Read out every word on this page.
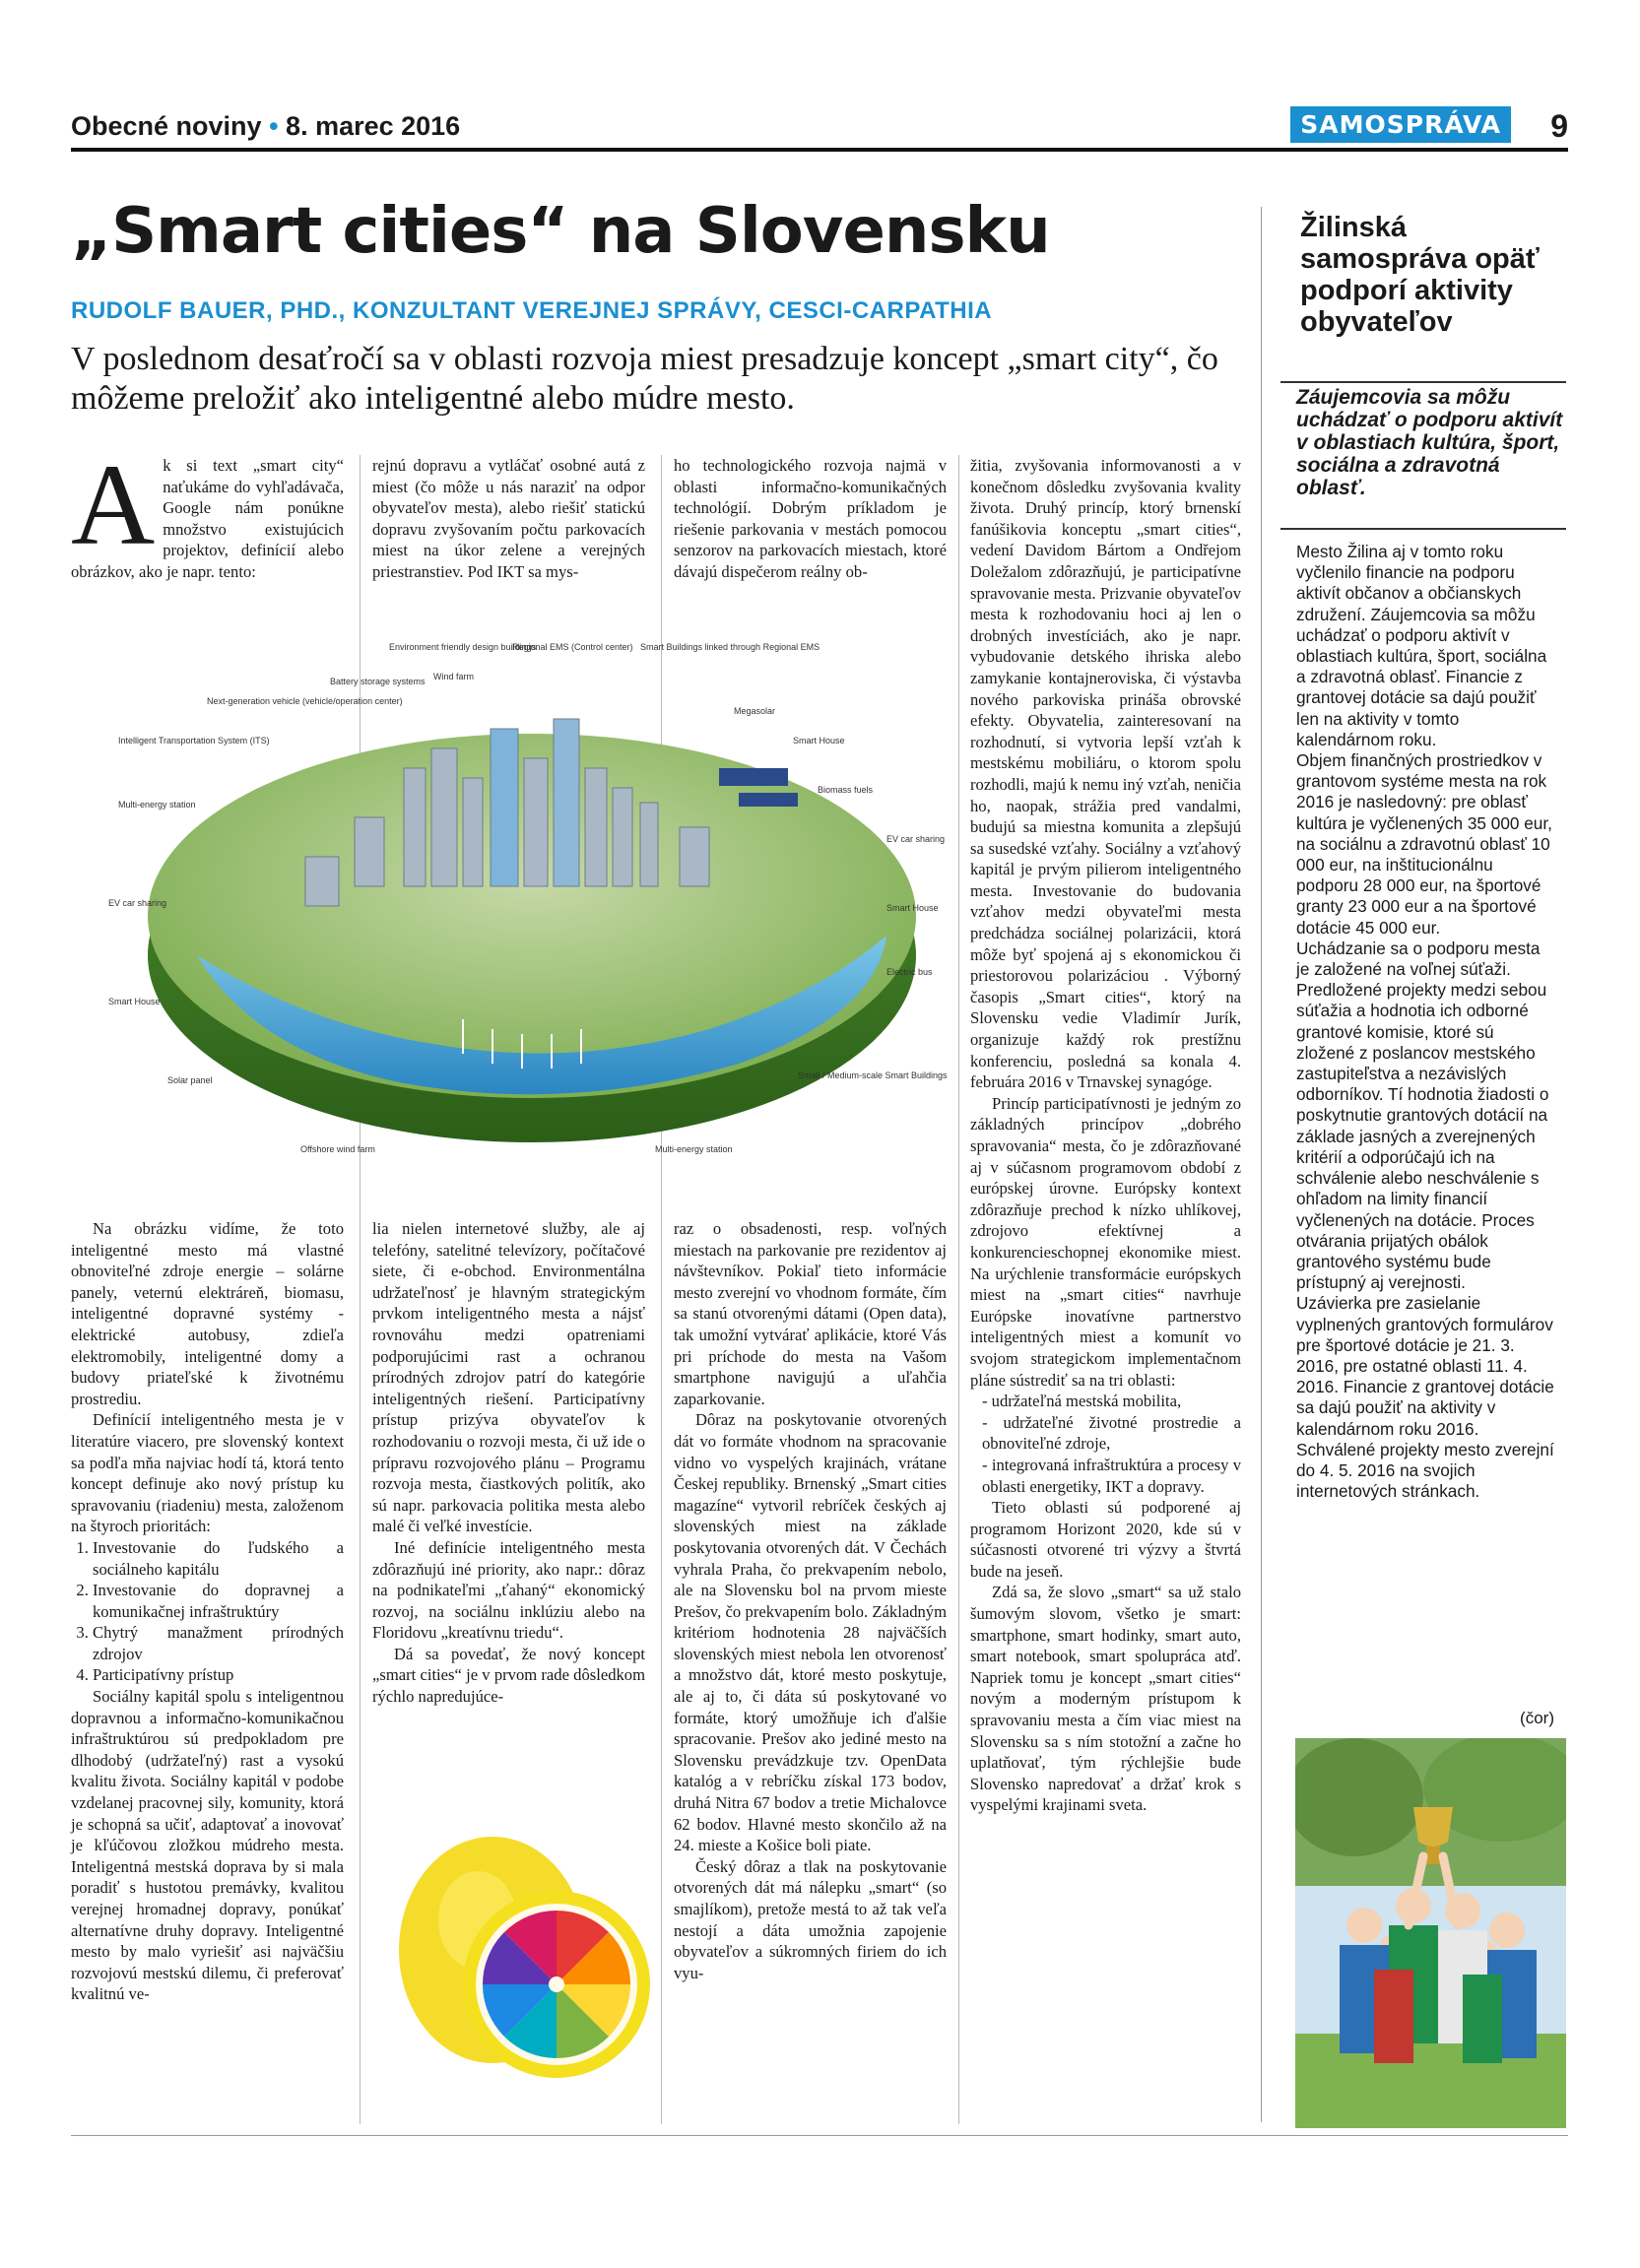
Obecné noviny • 8. marec 2016	SAMOSPRÁVA	9
„Smart cities“ na Slovensku
RUDOLF BAUER, PHD., KONZULTANT VEREJNEJ SPRÁVY, CESCI-CARPATHIA

V poslednom desaťročí sa v oblasti rozvoja miest presadzuje koncept „smart city“, čo môžeme preložiť ako inteligentné alebo múdre mesto.

A k si text „smart city“ naťukáme do vyhľadávača, Google nám ponúkne množstvo existujúcich projektov, definícií alebo obrázkov, ako je napr. tento:

rejnú dopravu a vytláčať osobné autá z miest (čo môže u nás naraziť na odpor obyvateľov mesta), alebo riešiť statickú dopravu zvyšovaním počtu parkovacích miest na úkor zelene a verejných priestranstiev. Pod IKT sa mys-

ho technologického rozvoja najmä v oblasti informačno-komunikačných technológií. Dobrým príkladom je riešenie parkovania v mestách pomocou senzorov na parkovacích miestach, ktoré dávajú dispečerom reálny ob-

Environment friendly design buildings
Regional EMS (Control center) Smart Buildings linked through Regional EMS
Battery storage systems Wind farm
Next-generation vehicle (vehicle/operation center)
Intelligent Transportation System (ITS)
Megasolar
Smart House
Multi-energy station
Biomass fuels
EV car sharing
EV car sharing	Smart House
Electric bus
Smart House
Small / Medium-scale Smart Buildings
Solar panel
Offshore wind farm	Multi-energy station

žitia, zvyšovania informovanosti a v konečnom dôsledku zvyšovania kvality života. Druhý princíp, ktorý brnenskí fanúšikovia konceptu „smart cities“, vedení Davidom Bártom a Ondřejom Doležalom zdôrazňujú, je participatívne spravovanie mesta. Prizvanie obyvateľov mesta k rozhodovaniu hoci aj len o drobných investíciách, ako je napr. vybudovanie detského ihriska alebo zamykanie kontajneroviska, či výstavba nového parkoviska prináša obrovské efekty. Obyvatelia, zainteresovaní na rozhodnutí, si vytvoria lepší vzťah k mestskému mobiliáru, o ktorom spolu rozhodli, majú k nemu iný vzťah, neničia ho, naopak, strážia pred vandalmi, budujú sa miestna komunita a zlepšujú sa susedské vzťahy. Sociálny a vzťahový kapitál je prvým pilierom inteligentného mesta. Investovanie do budovania vzťahov medzi obyvateľmi mesta predchádza sociálnej polarizácii, ktorá môže byť spojená aj s ekonomickou či priestorovou polarizáciou . Výborný časopis „Smart cities“, ktorý na Slovensku vedie Vladimír Jurík, organizuje každý rok prestížnu konferenciu, posledná sa konala 4. februára 2016 v Trnavskej synagóge.

Princíp participatívnosti je jedným zo základných princípov „dobrého spravovania“ mesta, čo je zdôrazňované aj v súčasnom programovom období z európskej úrovne. Európsky kontext zdôrazňuje prechod k nízko uhlíkovej, zdrojovo efektívnej a konkurencieschopnej ekonomike miest. Na urýchlenie transformácie európskych miest na „smart cities“ navrhuje Európske inovatívne partnerstvo inteligentných miest a komunít vo svojom strategickom implementačnom pláne sústrediť sa na tri oblasti:

- udržateľná mestská mobilita,
- udržateľné životné prostredie a obnoviteľné zdroje,
- integrovaná infraštruktúra a procesy v oblasti energetiky, IKT a dopravy.

Tieto oblasti sú podporené aj programom Horizont 2020, kde sú v súčasnosti otvorené tri výzvy a štvrtá bude na jeseň.

Zdá sa, že slovo „smart“ sa už stalo šumovým slovom, všetko je smart: smartphone, smart hodinky, smart auto, smart notebook, smart spolupráca atď. Napriek tomu je koncept „smart cities“ novým a moderným prístupom k spravovaniu mesta a čím viac miest na Slovensku sa s ním stotožní a začne ho uplatňovať, tým rýchlejšie bude Slovensko napredovať a držať krok s vyspelými krajinami sveta.

Na obrázku vidíme, že toto inteligentné mesto má vlastné obnoviteľné zdroje energie – solárne panely, veternú elektráreň, biomasu, inteligentné dopravné systémy - elektrické autobusy, zdieľa elektromobily, inteligentné domy a budovy priateľské k životnému prostrediu.

Definícií inteligentného mesta je v literatúre viacero, pre slovenský kontext sa podľa mňa najviac hodí tá, ktorá tento koncept definuje ako nový prístup ku spravovaniu (riadeniu) mesta, založenom na štyroch prioritách:

1. Investovanie do ľudského a sociálneho kapitálu
2. Investovanie do dopravnej a komunikačnej infraštruktúry
3. Chytrý manažment prírodných zdrojov
4. Participatívny prístup

Sociálny kapitál spolu s inteligentnou dopravnou a informačno-komunikačnou infraštruktúrou sú predpokladom pre dlhodobý (udržateľný) rast a vysokú kvalitu života. Sociálny kapitál v podobe vzdelanej pracovnej sily, komunity, ktorá je schopná sa učiť, adaptovať a inovovať je kľúčovou zložkou múdreho mesta. Inteligentná mestská doprava by si mala poradiť s hustotou premávky, kvalitou verejnej hromadnej dopravy, ponúkať alternatívne druhy dopravy. Inteligentné mesto by malo vyriešiť asi najväčšiu rozvojovú mestskú dilemu, či preferovať kvalitnú ve-

lia nielen internetové služby, ale aj telefóny, satelitné televízory, počítačové siete, či e-obchod. Environmentálna udržateľnosť je hlavným strategickým prvkom inteligentného mesta a nájsť rovnováhu medzi opatreniami podporujúcimi rast a ochranou prírodných zdrojov patrí do kategórie inteligentných riešení. Participatívny prístup prizýva obyvateľov k rozhodovaniu o rozvoji mesta, či už ide o prípravu rozvojového plánu – Programu rozvoja mesta, čiastkových politík, ako sú napr. parkovacia politika mesta alebo malé či veľké investície.

Iné definície inteligentného mesta zdôrazňujú iné priority, ako napr.: dôraz na podnikateľmi „ťahaný“ ekonomický rozvoj, na sociálnu inklúziu alebo na Floridovu „kreatívnu triedu“.

Dá sa povedať, že nový koncept „smart cities“ je v prvom rade dôsledkom rýchlo napredujúce-

raz o obsadenosti, resp. voľných miestach na parkovanie pre rezidentov aj návštevníkov. Pokiaľ tieto informácie mesto zverejní vo vhodnom formáte, čím sa stanú otvorenými dátami (Open data), tak umožní vytvárať aplikácie, ktoré Vás pri príchode do mesta na Vašom smartphone navigujú a uľahčia zaparkovanie.

Dôraz na poskytovanie otvorených dát vo formáte vhodnom na spracovanie vidno vo vyspelých krajinách, vrátane Českej republiky. Brnenský „Smart cities magazíne“ vytvoril rebríček českých aj slovenských miest na základe poskytovania otvorených dát. V Čechách vyhrala Praha, čo prekvapením nebolo, ale na Slovensku bol na prvom mieste Prešov, čo prekvapením bolo. Základným kritériom hodnotenia 28 najväčších slovenských miest nebola len otvorenosť a množstvo dát, ktoré mesto poskytuje, ale aj to, či dáta sú poskytované vo formáte, ktorý umožňuje ich ďalšie spracovanie. Prešov ako jediné mesto na Slovensku prevádzkuje tzv. OpenData katalóg a v rebríčku získal 173 bodov, druhá Nitra 67 bodov a tretie Michalovce 62 bodov. Hlavné mesto skončilo až na 24. mieste a Košice boli piate.

Český dôraz a tlak na poskytovanie otvorených dát má nálepku „smart“ (so smajlíkom), pretože mestá to až tak veľa nestojí a dáta umožnia zapojenie obyvateľov a súkromných firiem do ich vyu-

Žilinská samospráva opäť podporí aktivity obyvateľov
Záujemcovia sa môžu uchádzať o podporu aktivít v oblastiach kultúra, šport, sociálna a zdravotná oblasť.

Mesto Žilina aj v tomto roku vyčlenilo financie na podporu aktivít občanov a občianskych združení. Záujemcovia sa môžu uchádzať o podporu aktivít v oblastiach kultúra, šport, sociálna a zdravotná oblasť. Financie z grantovej dotácie sa dajú použiť len na aktivity v tomto kalendárnom roku.

Objem finančných prostriedkov v grantovom systéme mesta na rok 2016 je nasledovný: pre oblasť kultúra je vyčlenených 35 000 eur, na sociálnu a zdravotnú oblasť 10 000 eur, na inštitucionálnu podporu 28 000 eur, na športové granty 23 000 eur a na športové dotácie 45 000 eur.

Uchádzanie sa o podporu mesta je založené na voľnej súťaži. Predložené projekty medzi sebou súťažia a hodnotia ich odborné grantové komisie, ktoré sú zložené z poslancov mestského zastupiteľstva a nezávislých odborníkov. Tí hodnotia žiadosti o poskytnutie grantových dotácií na základe jasných a zverejnených kritérií a odporúčajú ich na schválenie alebo neschválenie s ohľadom na limity financií vyčlenených na dotácie. Proces otvárania prijatých obálok grantového systému bude prístupný aj verejnosti.

Uzávierka pre zasielanie vyplnených grantových formulárov pre športové dotácie je 21. 3. 2016, pre ostatné oblasti 11. 4. 2016. Financie z grantovej dotácie sa dajú použiť na aktivity v kalendárnom roku 2016. Schválené projekty mesto zverejní do 4. 5. 2016 na svojich internetových stránkach.

(čor)
